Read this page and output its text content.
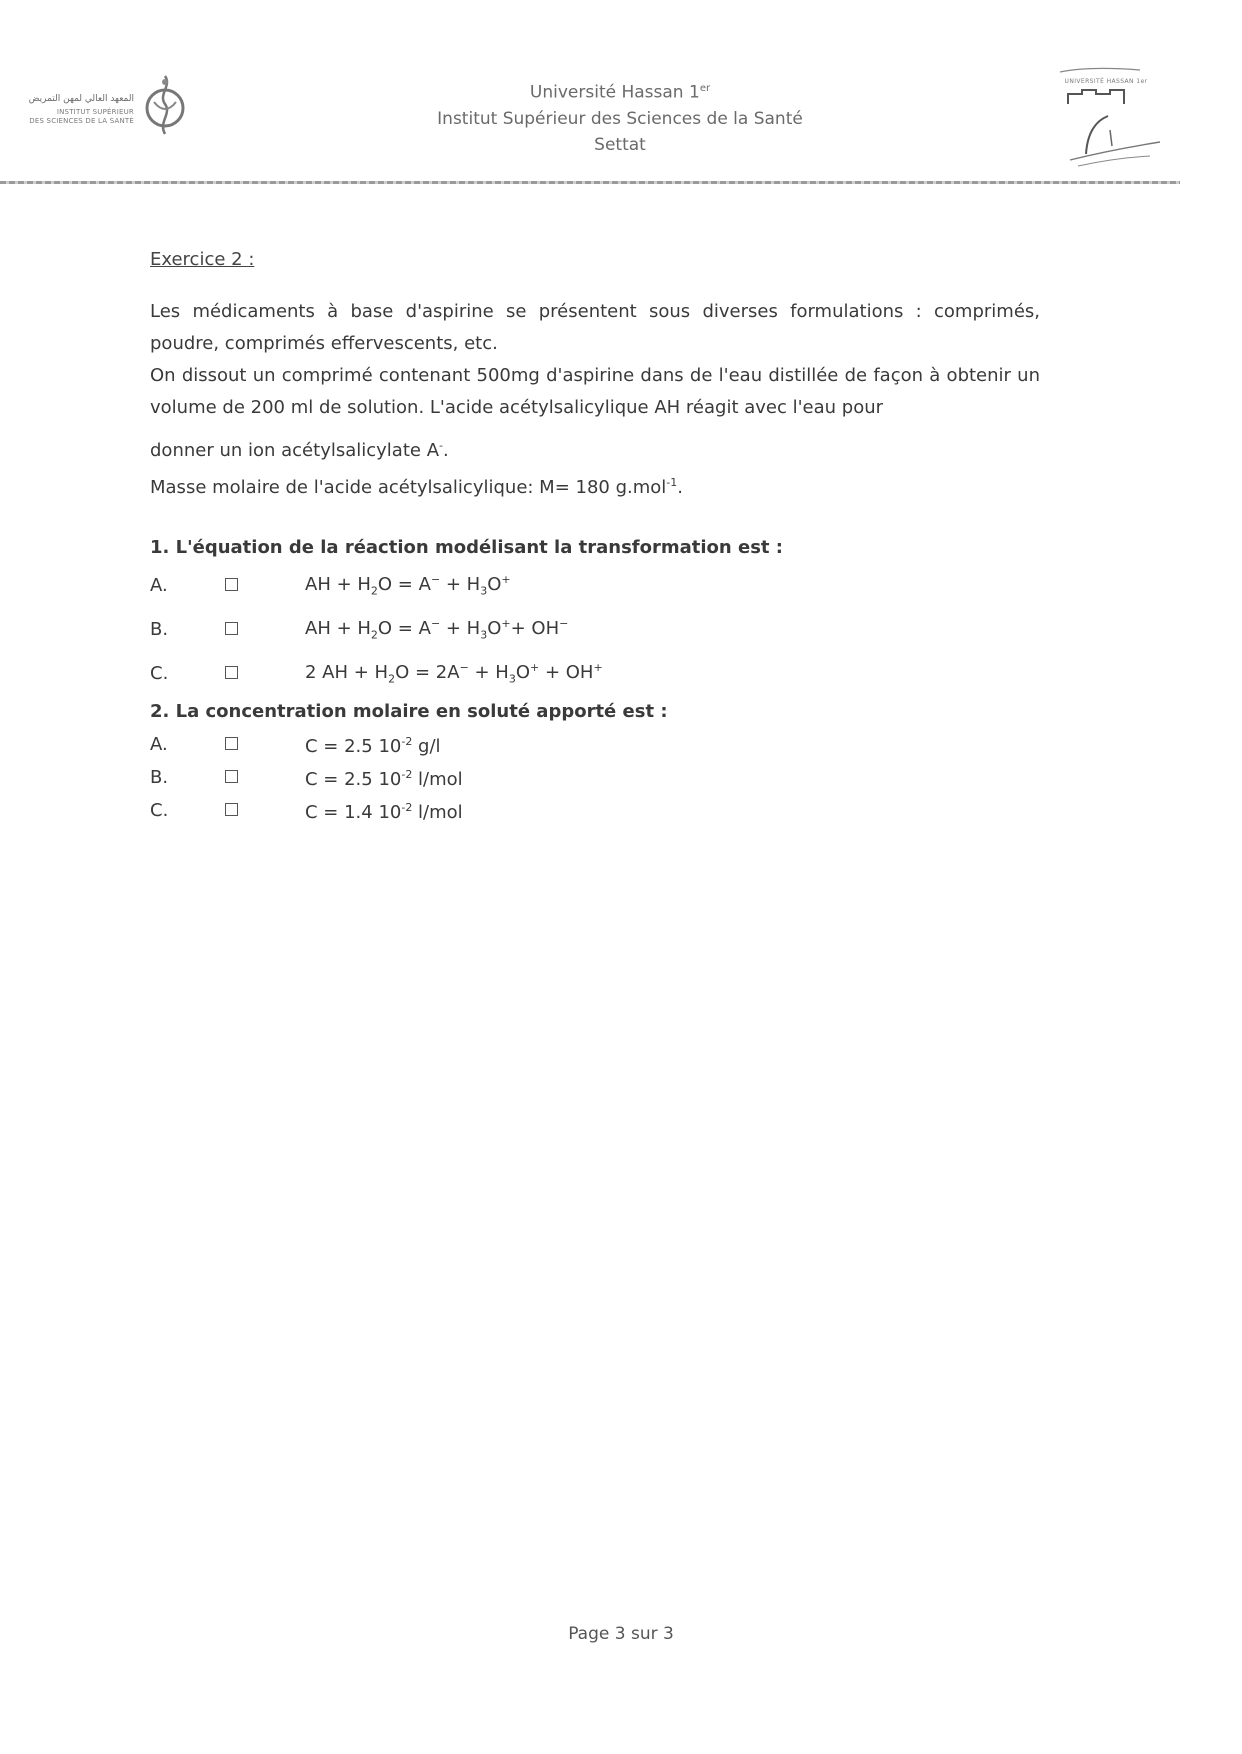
المعهد العالي لمهن التمريض
INSTITUT SUPÉRIEUR
DES SCIENCES DE LA SANTÉ
Université Hassan 1er
Institut Supérieur des Sciences de la Santé
Settat
UNIVERSITÉ HASSAN 1er

Exercice 2 :

Les médicaments à base d'aspirine se présentent sous diverses formulations : comprimés, poudre, comprimés effervescents, etc.

On dissout un comprimé contenant 500mg d'aspirine dans de l'eau distillée de façon à obtenir un volume de 200 ml de solution. L'acide acétylsalicylique AH réagit avec l'eau pour

donner un ion acétylsalicylate A-.

Masse molaire de l'acide acétylsalicylique: M= 180 g.mol$^{-1}$.

1. L'équation de la réaction modélisant la transformation est :

A.	AH + $H_2O = A^- + H_3O^+$
B.	AH + $H_2O = A^- + H_3O^++ OH^-$
C.	2 AH + $H_2O = 2A^- + H_3O^+ + OH^+$

2. La concentration molaire en soluté apporté est :

A.	C = 2.5 $10^{-2}$ g/l
B.	C = 2.5 $10^{-2}$ l/mol
C.	C = 1.4 $10^{-2}$ l/mol
Page 3 sur 3
